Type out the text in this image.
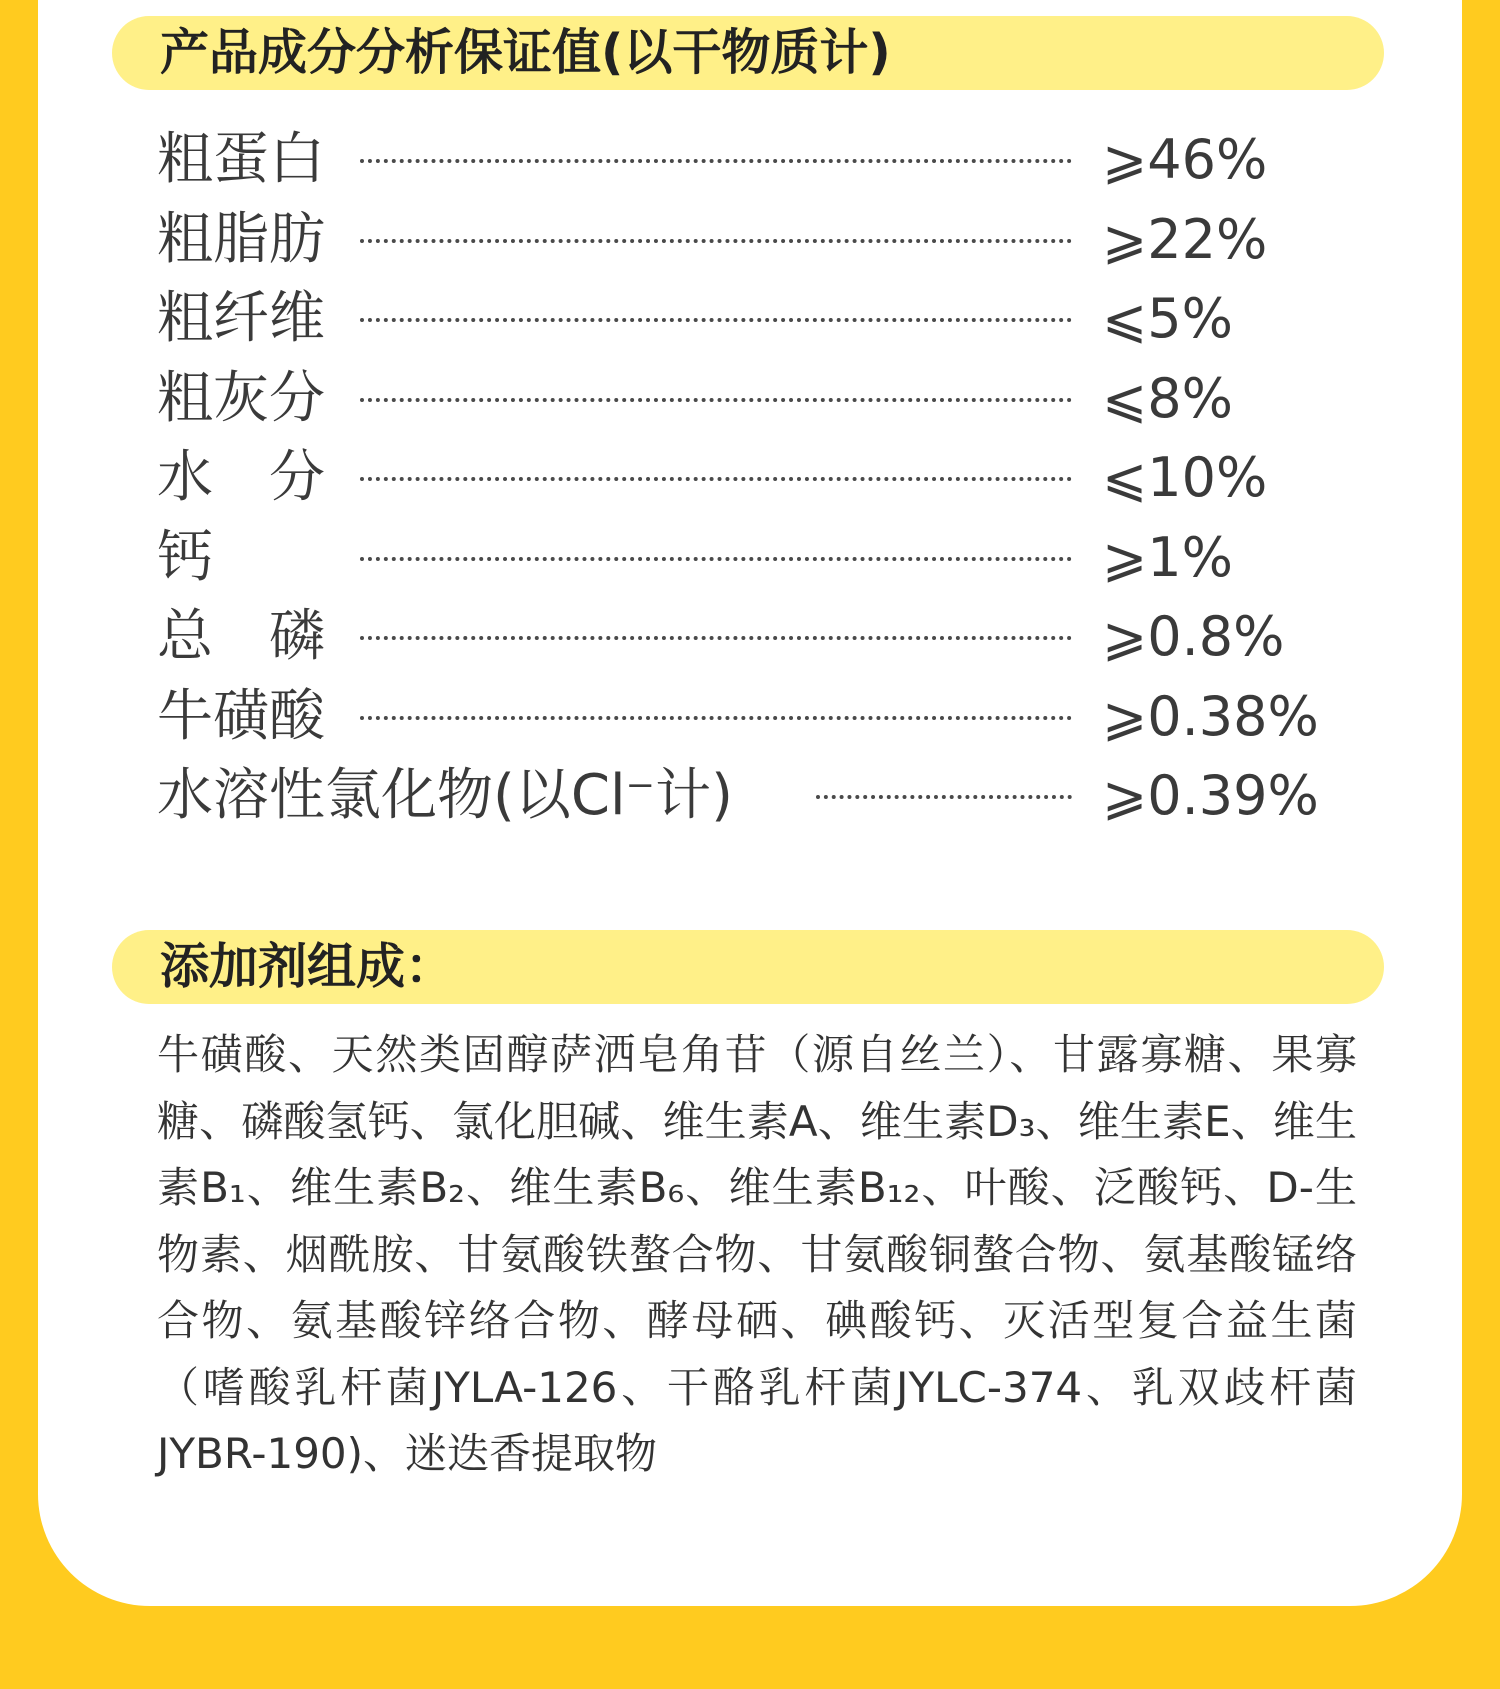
产品成分分析保证值(以干物质计)
粗蛋白	⩾46%
粗脂肪	⩾22%
粗纤维	⩽5%
粗灰分	⩽8%
水　分	⩽10%
钙	⩾1%
总　磷	⩾0.8%
牛磺酸	⩾0.38%
水溶性氯化物(以Cl⁻计)	⩾0.39%
添加剂组成：

牛磺酸、天然类固醇萨洒皂角苷（源自丝兰）、甘露寡糖、果寡糖、磷酸氢钙、氯化胆碱、维生素A、维生素D₃、维生素E、维生素B₁、维生素B₂、维生素B₆、维生素B₁₂、叶酸、泛酸钙、D-生物素、烟酰胺、甘氨酸铁螯合物、甘氨酸铜螯合物、氨基酸锰络合物、氨基酸锌络合物、酵母硒、碘酸钙、灭活型复合益生菌（嗜酸乳杆菌JYLA-126、干酪乳杆菌JYLC-374、乳双歧杆菌JYBR-190)、迷迭香提取物
